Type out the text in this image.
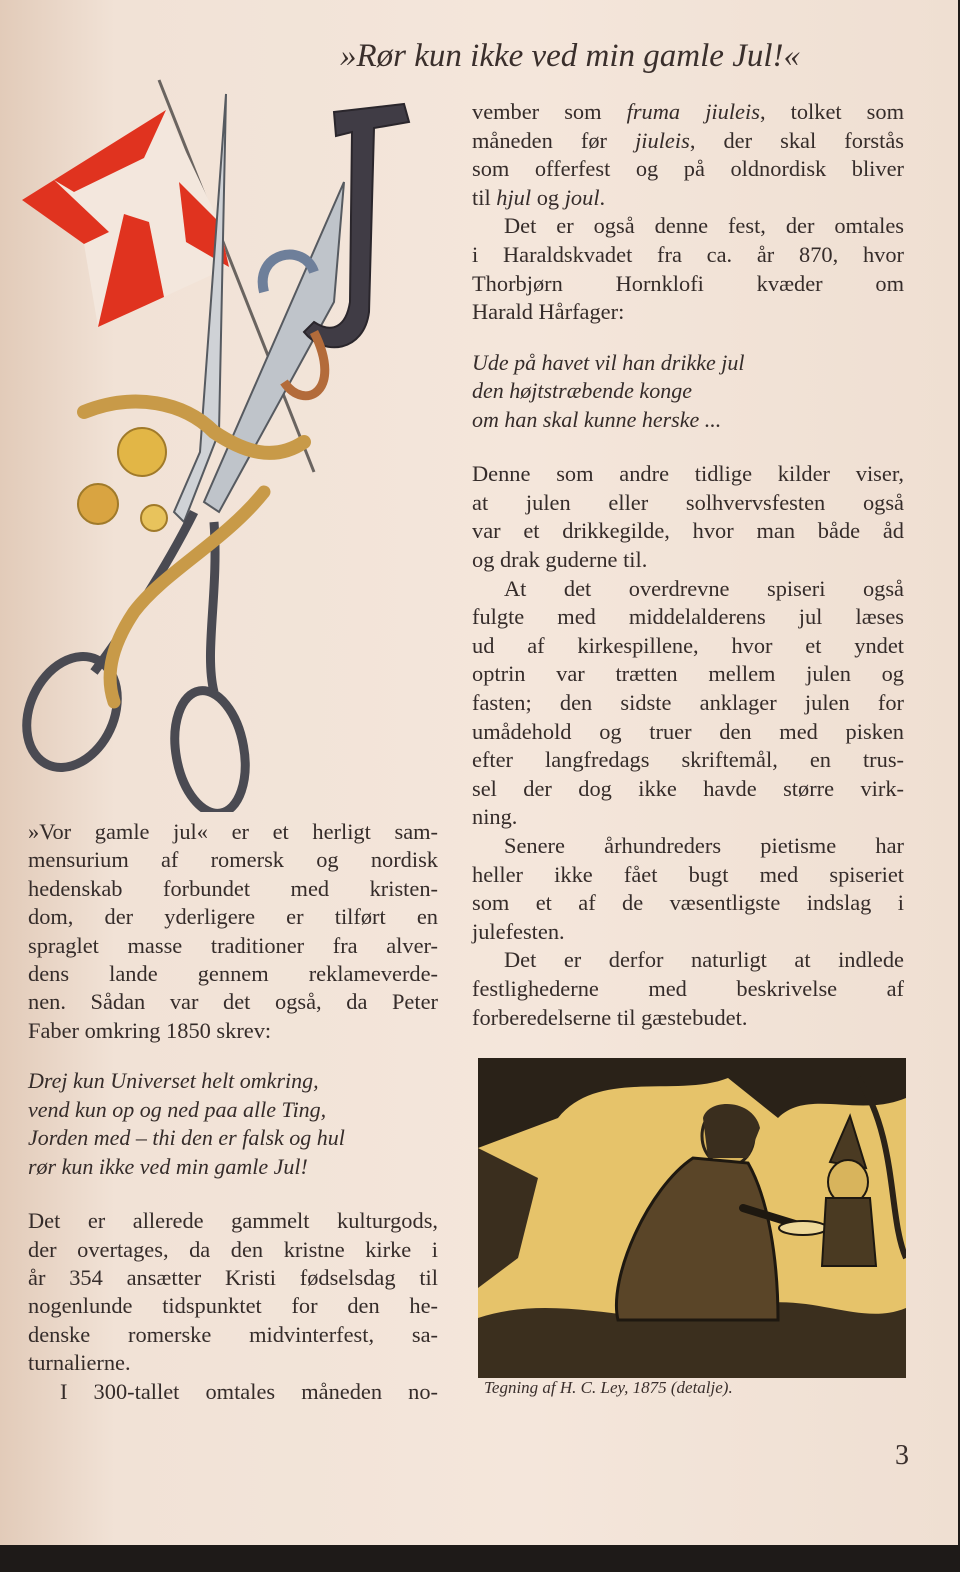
»Rør kun ikke ved min gamle Jul!«

vember som fruma jiuleis, tolket som

måneden før jiuleis, der skal forstås

som offerfest og på oldnordisk bliver

til hjul og joul.

Det er også denne fest, der omtales

i Haraldskvadet fra ca. år 870, hvor

Thorbjørn Hornklofi kvæder om

Harald Hårfager:

Ude på havet vil han drikke jul
den højtstræbende konge
om han skal kunne herske ...

Denne som andre tidlige kilder viser,

at julen eller solhvervsfesten også

var et drikkegilde, hvor man både åd

og drak guderne til.

At det overdrevne spiseri også

fulgte med middelalderens jul læses

ud af kirkespillene, hvor et yndet

optrin var trætten mellem julen og

fasten; den sidste anklager julen for

umådehold og truer den med pisken

efter langfredags skriftemål, en trus-

sel der dog ikke havde større virk-

ning.

Senere århundreders pietisme har

heller ikke fået bugt med spiseriet

som et af de væsentligste indslag i

julefesten.

Det er derfor naturligt at indlede

festlighederne med beskrivelse af

forberedelserne til gæstebudet.

»Vor gamle jul« er et herligt sam-

mensurium af romersk og nordisk

hedenskab forbundet med kristen-

dom, der yderligere er tilført en

spraglet masse traditioner fra alver-

dens lande gennem reklameverde-

nen. Sådan var det også, da Peter

Faber omkring 1850 skrev:

Drej kun Universet helt omkring,
vend kun op og ned paa alle Ting,
Jorden med – thi den er falsk og hul
rør kun ikke ved min gamle Jul!

Det er allerede gammelt kulturgods,

der overtages, da den kristne kirke i

år 354 ansætter Kristi fødselsdag til

nogenlunde tidspunktet for den he-

denske romerske midvinterfest, sa-

turnalierne.

I 300-tallet omtales måneden no-	Tegning af H. C. Ley, 1875 (detalje).
3
